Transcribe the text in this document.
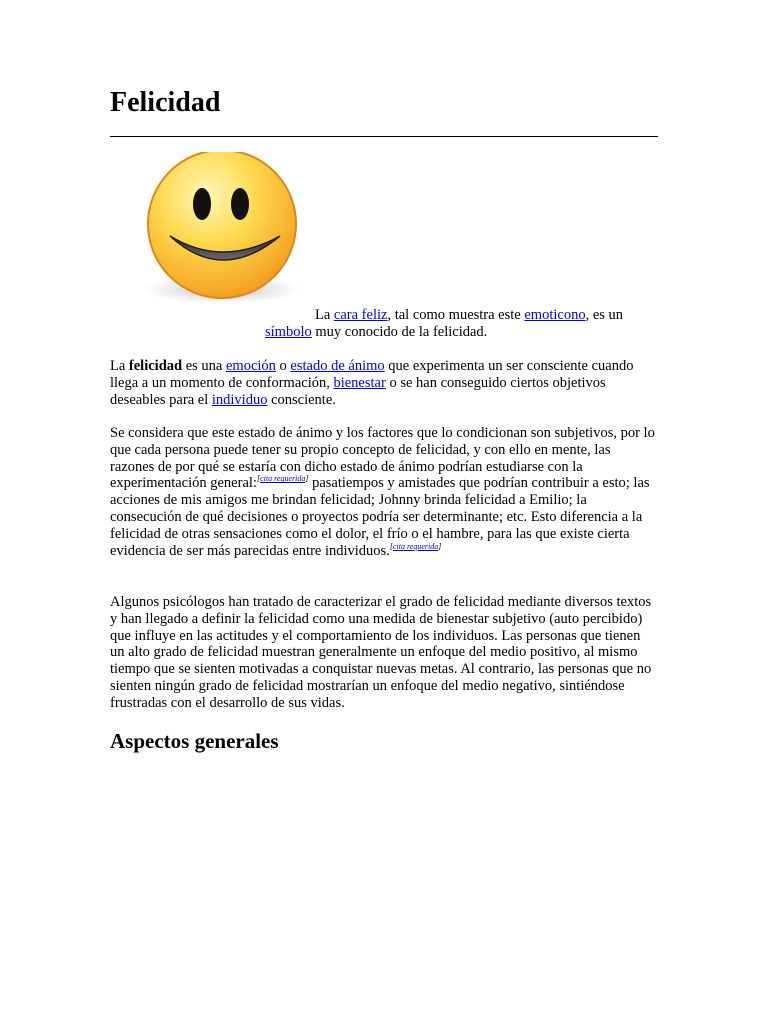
Felicidad
La cara feliz, tal como muestra este emoticono, es un
símbolo muy conocido de la felicidad.

La felicidad es una emoción o estado de ánimo que experimenta un ser consciente cuando llega a un momento de conformación, bienestar o se han conseguido ciertos objetivos deseables para el individuo consciente.

Se considera que este estado de ánimo y los factores que lo condicionan son subjetivos, por lo que cada persona puede tener su propio concepto de felicidad, y con ello en mente, las razones de por qué se estaría con dicho estado de ánimo podrían estudiarse con la experimentación general:[cita requerida] pasatiempos y amistades que podrían contribuir a esto; las acciones de mis amigos me brindan felicidad; Johnny brinda felicidad a Emilio; la consecución de qué decisiones o proyectos podría ser determinante; etc. Esto diferencia a la felicidad de otras sensaciones como el dolor, el frío o el hambre, para las que existe cierta evidencia de ser más parecidas entre individuos.[cita requerida]

Algunos psicólogos han tratado de caracterizar el grado de felicidad mediante diversos textos y han llegado a definir la felicidad como una medida de bienestar subjetivo (auto percibido) que influye en las actitudes y el comportamiento de los individuos. Las personas que tienen un alto grado de felicidad muestran generalmente un enfoque del medio positivo, al mismo tiempo que se sienten motivadas a conquistar nuevas metas. Al contrario, las personas que no sienten ningún grado de felicidad mostrarían un enfoque del medio negativo, sintiéndose frustradas con el desarrollo de sus vidas.

Aspectos generales
